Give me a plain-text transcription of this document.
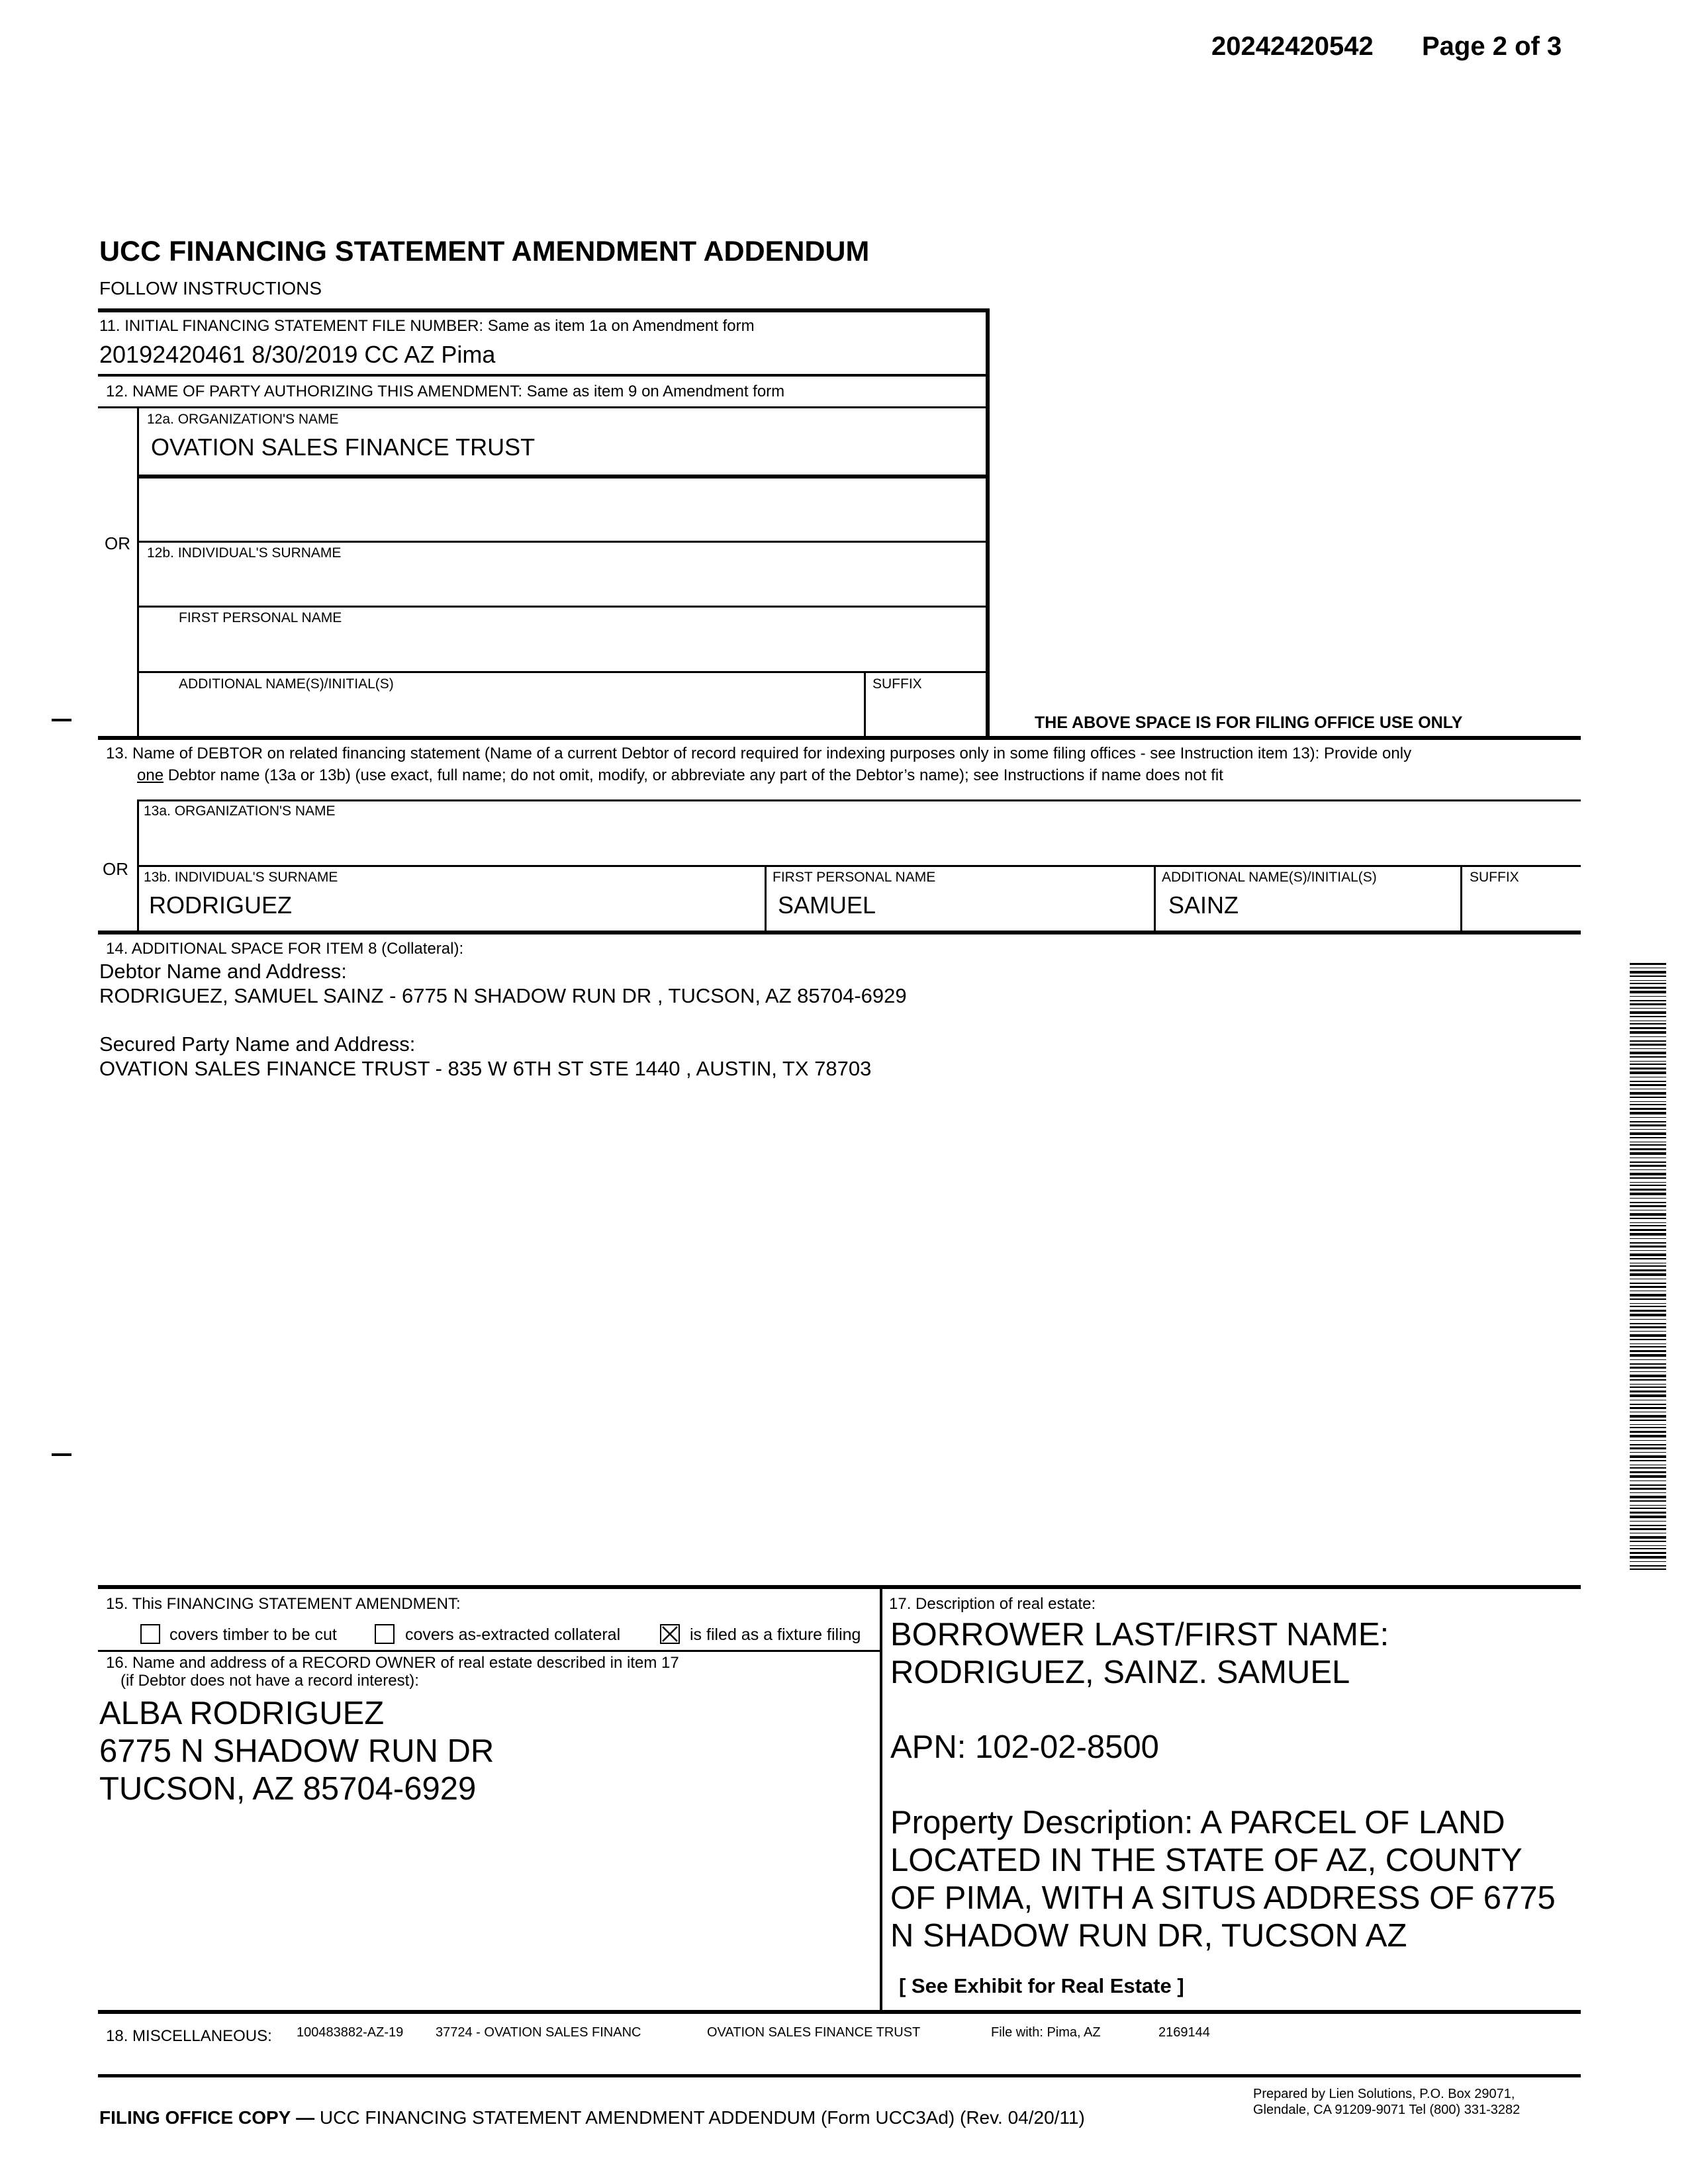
20242420542 Page 2 of 3
UCC FINANCING STATEMENT AMENDMENT ADDENDUM
FOLLOW INSTRUCTIONS
11. INITIAL FINANCING STATEMENT FILE NUMBER: Same as item 1a on Amendment form
20192420461 8/30/2019 CC AZ Pima
12. NAME OF PARTY AUTHORIZING THIS AMENDMENT: Same as item 9 on Amendment form
12a. ORGANIZATION'S NAME
OVATION SALES FINANCE TRUST
OR 12b. INDIVIDUAL'S SURNAME
FIRST PERSONAL NAME
ADDITIONAL NAME(S)/INITIAL(S)	SUFFIX
THE ABOVE SPACE IS FOR FILING OFFICE USE ONLY
13. Name of DEBTOR on related financing statement (Name of a current Debtor of record required for indexing purposes only in some filing offices - see Instruction item 13): Provide only
one Debtor name (13a or 13b) (use exact, full name; do not omit, modify, or abbreviate any part of the Debtor’s name); see Instructions if name does not fit
13a. ORGANIZATION'S NAME
OR 13b. INDIVIDUAL'S SURNAME
RODRIGUEZ
FIRST PERSONAL NAME
SAMUEL
ADDITIONAL NAME(S)/INITIAL(S)
SAINZ
SUFFIX
14. ADDITIONAL SPACE FOR ITEM 8 (Collateral):
Debtor Name and Address:
RODRIGUEZ, SAMUEL SAINZ - 6775 N SHADOW RUN DR , TUCSON, AZ 85704-6929
Secured Party Name and Address:
OVATION SALES FINANCE TRUST - 835 W 6TH ST STE 1440 , AUSTIN, TX 78703
15. This FINANCING STATEMENT AMENDMENT:
covers timber to be cut	covers as-extracted collateral	is filed as a fixture filing
16. Name and address of a RECORD OWNER of real estate described in item 17
(if Debtor does not have a record interest):
ALBA RODRIGUEZ
6775 N SHADOW RUN DR
TUCSON, AZ 85704-6929
17. Description of real estate:
BORROWER LAST/FIRST NAME:
RODRIGUEZ, SAINZ. SAMUEL
APN: 102-02-8500
Property Description: A PARCEL OF LAND
LOCATED IN THE STATE OF AZ, COUNTY
OF PIMA, WITH A SITUS ADDRESS OF 6775
N SHADOW RUN DR, TUCSON AZ
[ See Exhibit for Real Estate ]
18. MISCELLANEOUS: 100483882-AZ-19 37724 - OVATION SALES FINANC	OVATION SALES FINANCE TRUST	File with: Pima, AZ	2169144
FILING OFFICE COPY — UCC FINANCING STATEMENT AMENDMENT ADDENDUM (Form UCC3Ad) (Rev. 04/20/11)
Prepared by Lien Solutions, P.O. Box 29071,
Glendale, CA 91209-9071 Tel (800) 331-3282
